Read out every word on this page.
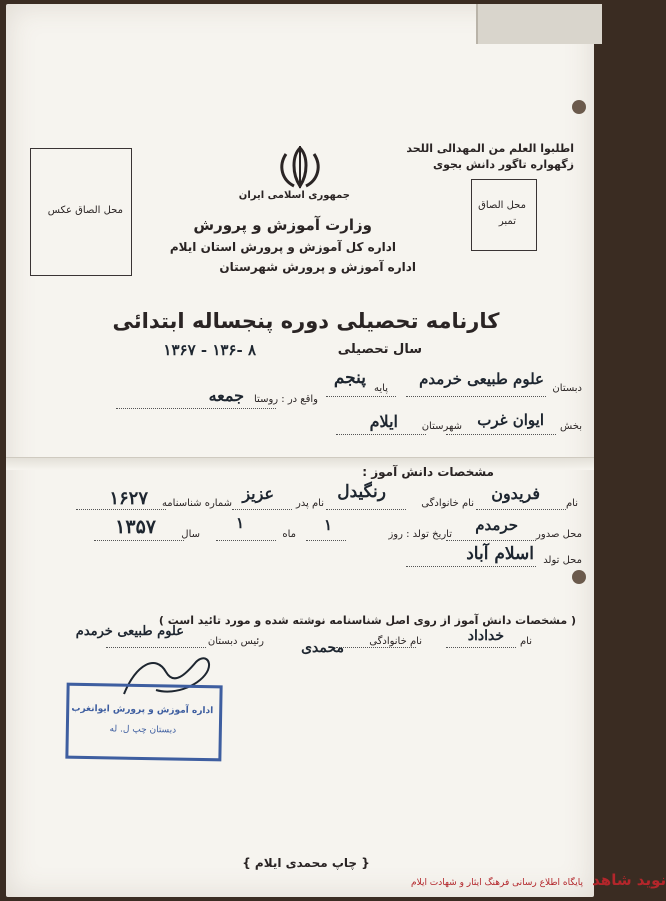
اطلبوا العلم من المهدالی اللحد
زگهواره تاگور دانش بجوی
محل الصاق عکس	محل الصاق
تمبر
جمهوری اسلامی ایران
وزارت آموزش و پرورش
اداره کل آموزش و پرورش استان ایلام
اداره آموزش و پرورش شهرستان
کارنامه تحصیلی دوره پنجساله ابتدائی
سال تحصیلی
۸ -۱۳۶ - ۱۳۶۷
دبستان
علوم طبیعی خرمدم
پایه
پنجم
واقع در : روستا
جمعه
بخش
ایوان غرب
شهرستان
ایلام
مشخصات دانش آموز :
نام
فریدون
نام خانوادگی
رنگیدل
نام پدر
عزیز
شماره شناسنامه
۱۶۲۷
محل صدور
حرمدم
تاریخ تولد : روز
۱
ماه
۱
سال
۱۳۵۷
محل تولد
اسلام آباد
( مشخصات دانش آموز از روی اصل شناسنامه نوشته شده و مورد تائید است )
نام
خداداد
نام خانوادگی
محمدی
رئیس دبستان
علوم طبیعی خرمدم
اداره آموزش و پرورش ایوانغرب
دبستان چپ ل. له
{ چاپ محمدی ایلام }
نوید شاهد پایگاه اطلاع رسانی فرهنگ ایثار و شهادت ایلام
